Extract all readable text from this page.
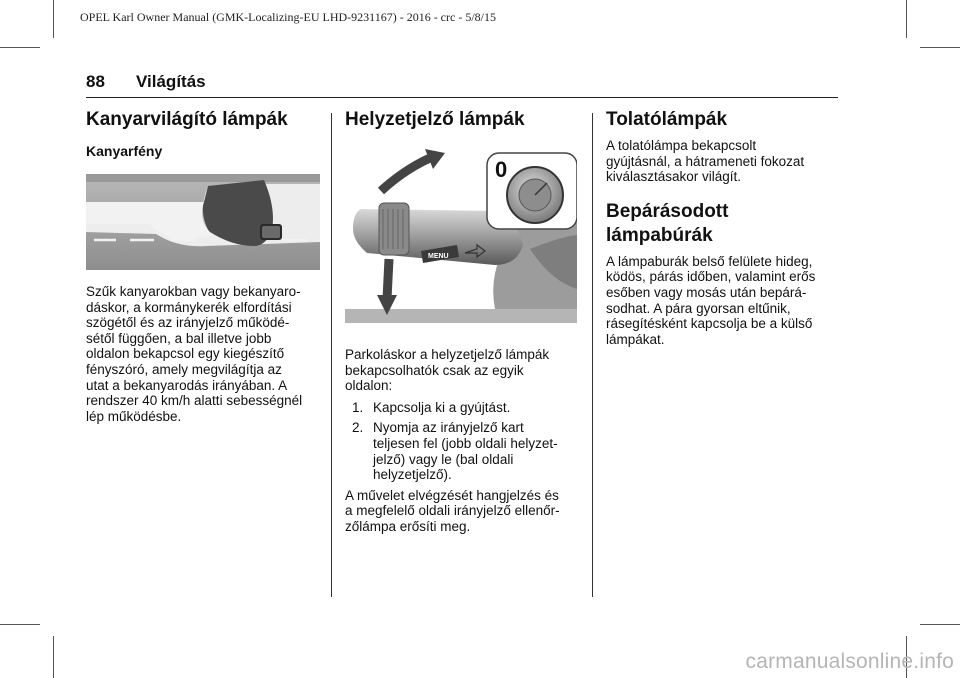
OPEL Karl Owner Manual (GMK-Localizing-EU LHD-9231167) - 2016 - crc - 5/8/15
88 Világítás
Kanyarvilágító lámpák
Kanyarfény

Szűk kanyarokban vagy bekanyaro-

dáskor, a kormánykerék elfordítási

szögétől és az irányjelző működé-

sétől függően, a bal illetve jobb

oldalon bekapcsol egy kiegészítő

fényszóró, amely megvilágítja az

utat a bekanyarodás irányában. A

rendszer 40 km/h alatti sebességnél

lép működésbe.

Helyzetjelző lámpák
MENU
0

Parkoláskor a helyzetjelző lámpák

bekapcsolhatók csak az egyik

oldalon:

1. Kapcsolja ki a gyújtást.
2. Nyomja az irányjelző kart
teljesen fel (jobb oldali helyzet-
jelző) vagy le (bal oldali
helyzetjelző).

A művelet elvégzését hangjelzés és

a megfelelő oldali irányjelző ellenőr-

zőlámpa erősíti meg.

Tolatólámpák

A tolatólámpa bekapcsolt

gyújtásnál, a hátrameneti fokozat

kiválasztásakor világít.

Bepárásodott lámpabúrák

A lámpaburák belső felülete hideg,

ködös, párás időben, valamint erős

esőben vagy mosás után bepárá-

sodhat. A pára gyorsan eltűnik,

rásegítésként kapcsolja be a külső

lámpákat.

carmanualsonline.info
